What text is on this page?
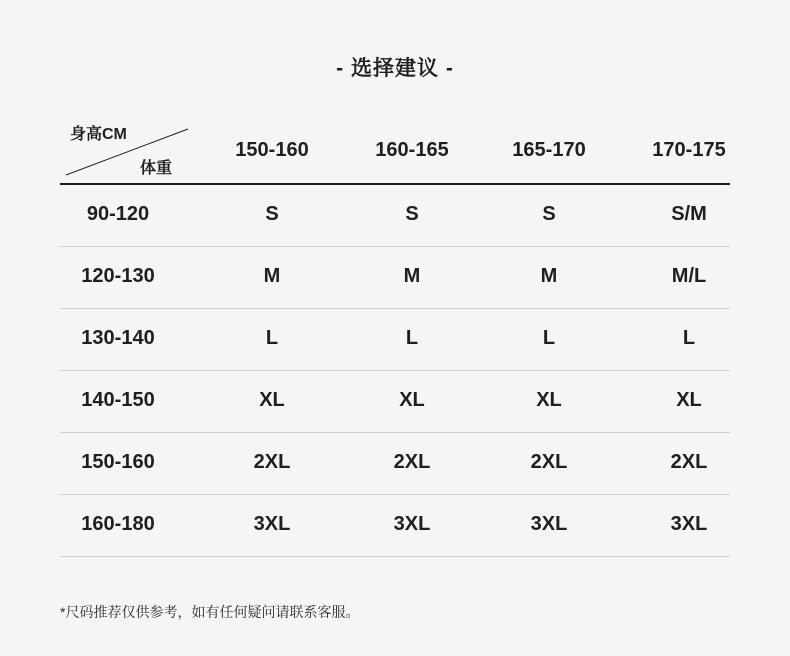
- 选择建议 -
身高CM
体重
150-160	160-165	165-170	170-175
90-120	S	S	S	S/M
120-130	M	M	M	M/L
130-140	L	L	L	L
140-150	XL	XL	XL	XL
150-160	2XL	2XL	2XL	2XL
160-180	3XL	3XL	3XL	3XL
*尺码推荐仅供参考，如有任何疑问请联系客服。
